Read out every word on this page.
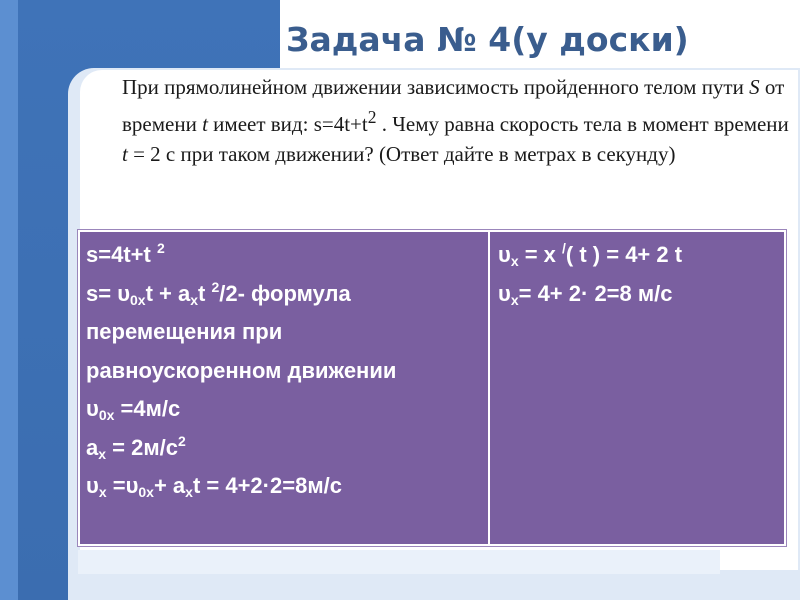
Задача № 4(у доски)
При прямолинейном движении зависимость пройденного телом пути S от времени t имеет вид: $s=4t+t^2$ . Чему равна скорость тела в момент времени t = 2 с при таком движении? (Ответ дайте в метрах в секунду)
s=4t+t $^2$
$s= \upsilon_{0x}t + a_xt$ $^2$/2- формула
перемещения при
равноускоренном движении
$\upsilon_{0x} =4м/с$
$a_x = 2м/с^2$
$\upsilon_x =\upsilon_{0x}+ a_xt = 4+2\cdot 2=8м/с$
$\upsilon_x = x$ /( t ) = 4+ 2 t
$\upsilon_x= 4+ 2\cdot 2=8$ м/с
